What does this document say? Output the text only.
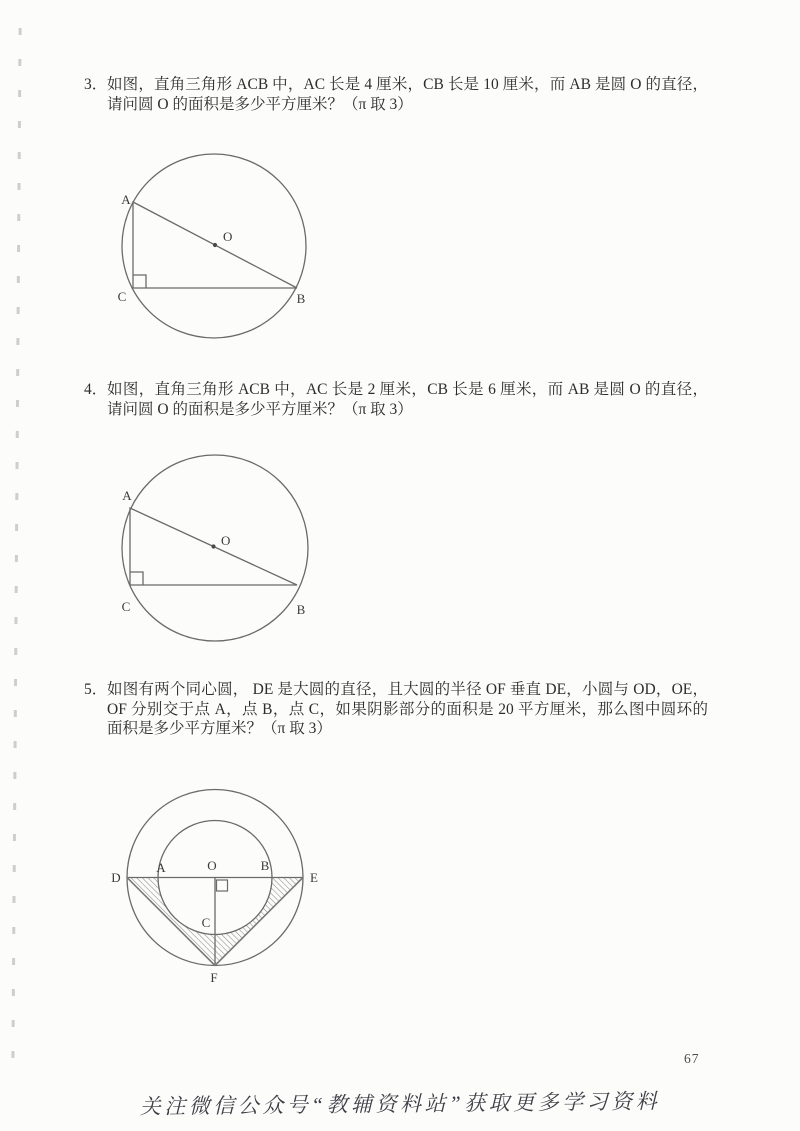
3． 如图，直角三角形 ACB 中，AC 长是 4 厘米，CB 长是 10 厘米，而 AB 是圆 O 的直径，请问圆 O 的面积是多少平方厘米？（π 取 3）
A
C	B
O
4． 如图，直角三角形 ACB 中，AC 长是 2 厘米，CB 长是 6 厘米，而 AB 是圆 O 的直径，请问圆 O 的面积是多少平方厘米？（π 取 3）
A
C	B
O
5． 如图有两个同心圆， DE 是大圆的直径，且大圆的半径 OF 垂直 DE，小圆与 OD，OE，OF 分别交于点 A，点 B，点 C，如果阴影部分的面积是 20 平方厘米，那么图中圆环的面积是多少平方厘米？（π 取 3）
D	E
A	O	B
C
F
67
关注微信公众号“教辅资料站”获取更多学习资料
